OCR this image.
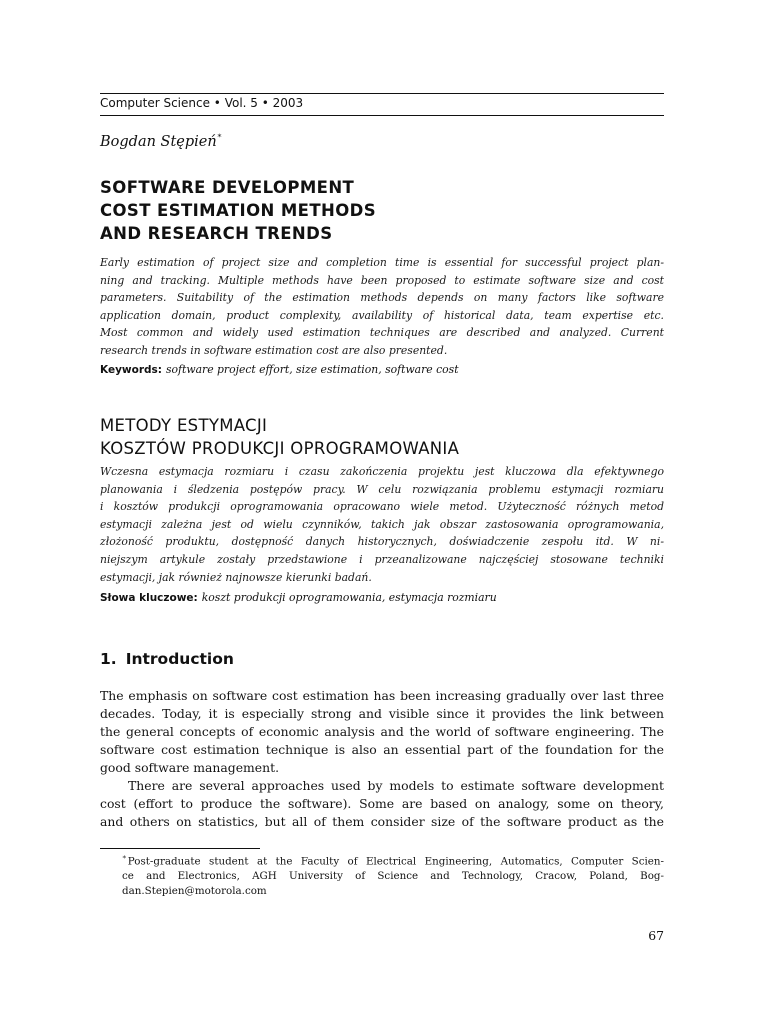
Computer Science • Vol. 5 • 2003
Bogdan Stępień∗
SOFTWARE DEVELOPMENT
COST ESTIMATION METHODS
AND RESEARCH TRENDS
Early estimation of project size and completion time is essential for successful project plan-
ning and tracking. Multiple methods have been proposed to estimate software size and cost
parameters. Suitability of the estimation methods depends on many factors like software
application domain, product complexity, availability of historical data, team expertise etc.
Most common and widely used estimation techniques are described and analyzed. Current
research trends in software estimation cost are also presented.
Keywords: software project effort, size estimation, software cost
METODY ESTYMACJI
KOSZTÓW PRODUKCJI OPROGRAMOWANIA
Wczesna estymacja rozmiaru i czasu zakończenia projektu jest kluczowa dla efektywnego
planowania i śledzenia postępów pracy. W celu rozwiązania problemu estymacji rozmiaru
i kosztów produkcji oprogramowania opracowano wiele metod. Użyteczność różnych metod
estymacji zależna jest od wielu czynników, takich jak obszar zastosowania oprogramowania,
złożoność produktu, dostępność danych historycznych, doświadczenie zespołu itd. W ni-
niejszym artykule zostały przedstawione i przeanalizowane najczęściej stosowane techniki
estymacji, jak również najnowsze kierunki badań.
Słowa kluczowe: koszt produkcji oprogramowania, estymacja rozmiaru
1. Introduction
The emphasis on software cost estimation has been increasing gradually over last three
decades. Today, it is especially strong and visible since it provides the link between
the general concepts of economic analysis and the world of software engineering. The
software cost estimation technique is also an essential part of the foundation for the
good software management.
There are several approaches used by models to estimate software development
cost (effort to produce the software). Some are based on analogy, some on theory,
and others on statistics, but all of them consider size of the software product as the
∗Post-graduate student at the Faculty of Electrical Engineering, Automatics, Computer Scien-
ce and Electronics, AGH University of Science and Technology, Cracow, Poland, Bog-
dan.Stepien@motorola.com
67
